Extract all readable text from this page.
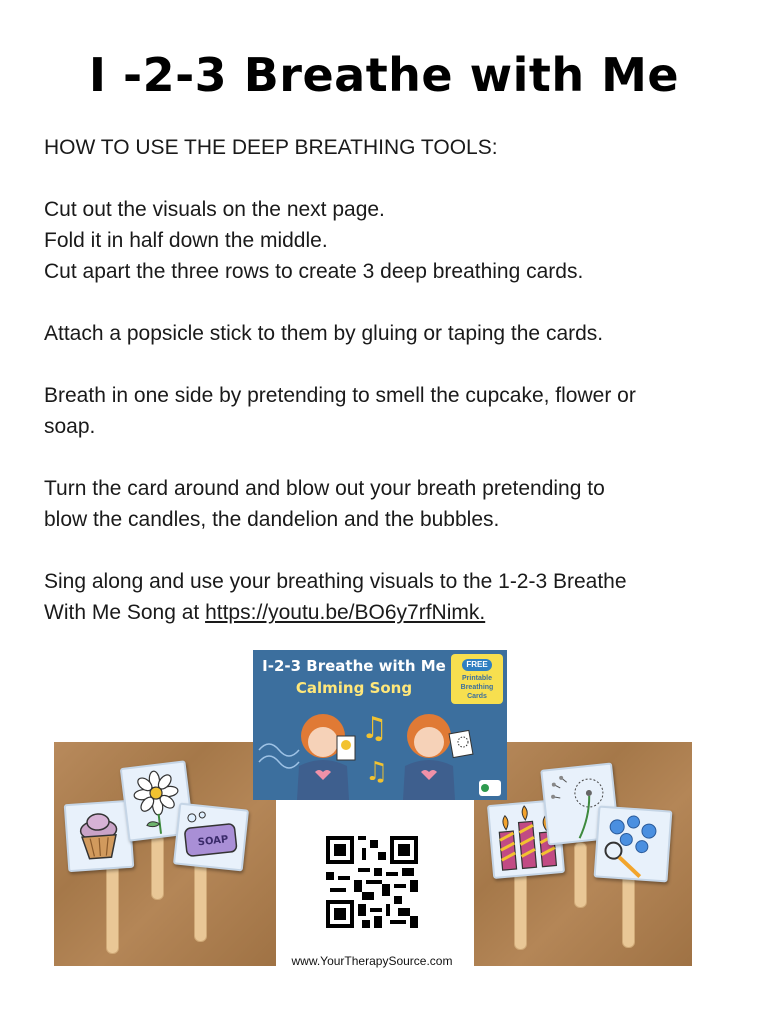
I -2-3 Breathe with Me

HOW TO USE THE DEEP BREATHING TOOLS:

Cut out the visuals on the next page.

Fold it in half down the middle.

Cut apart the three rows to create 3 deep breathing cards.

Attach a popsicle stick to them by gluing or taping the cards.

Breath in one side by pretending to smell the cupcake, flower or

soap.

Turn the card around and blow out your breath pretending to

blow the candles, the dandelion and the bubbles.

Sing along and use your breathing visuals to the 1-2-3 Breathe

With Me Song at https://youtu.be/BO6y7rfNimk.

SOAP
I-2-3 Breathe with Me
Calming Song
FREE
Printable Breathing Cards
♫
♫
www.YourTherapySource.com
